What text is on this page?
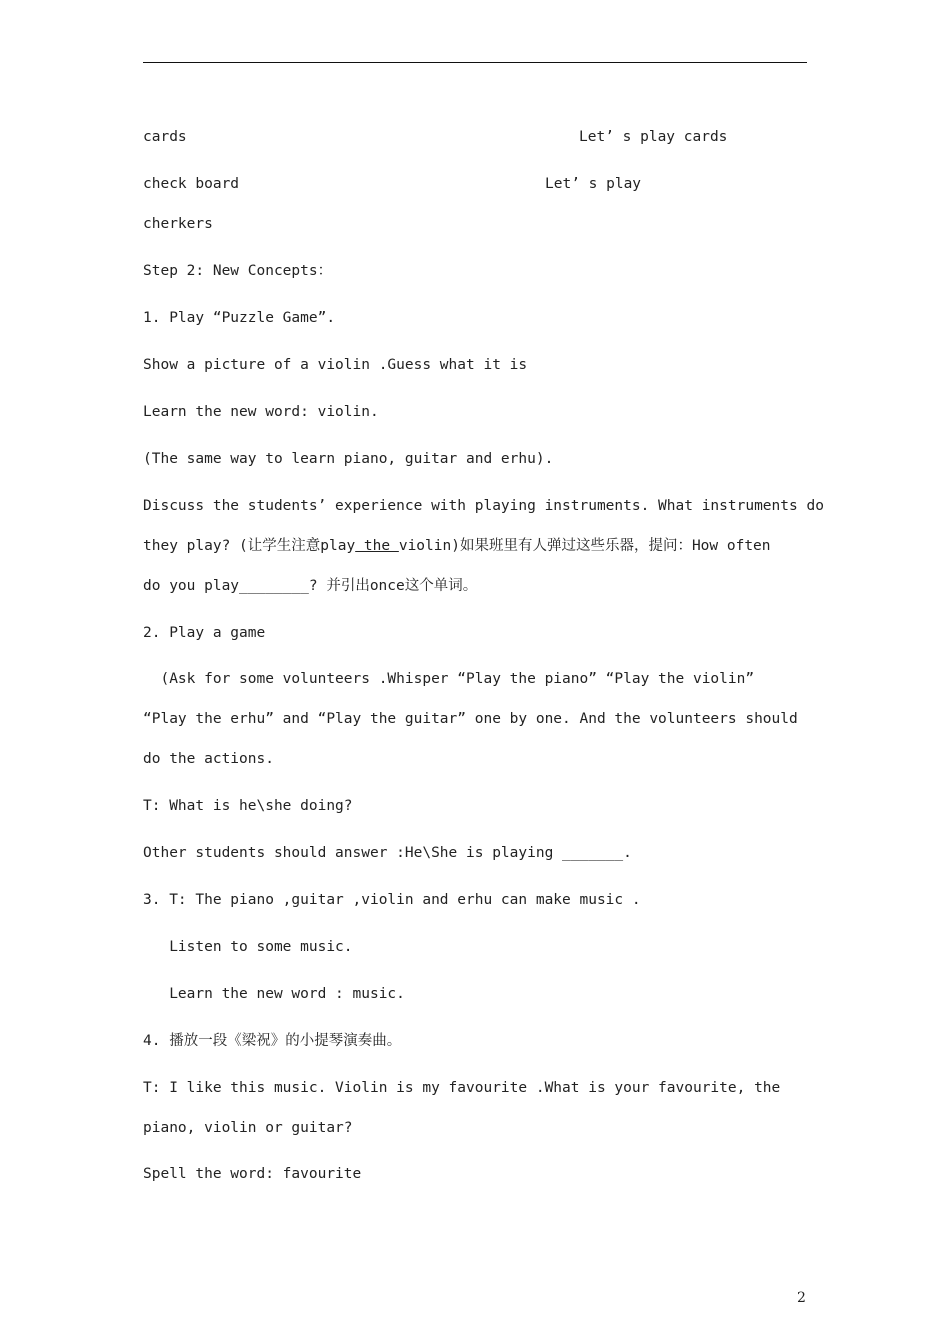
cards	Let’ s play cards
check board	Let’ s play
cherkers
Step 2: New Concepts：
1. Play “Puzzle Game”.
Show a picture of a violin .Guess what it is
Learn the new word: violin.
(The same way to learn piano, guitar and erhu).
Discuss the students’ experience with playing instruments. What instruments do
they play? (让学生注意play the violin)如果班里有人弹过这些乐器，提问：How often
do you play________? 并引出once这个单词。
2. Play a game
(Ask for some volunteers .Whisper “Play the piano” “Play the violin”
“Play the erhu” and “Play the guitar” one by one. And the volunteers should
do the actions.
T: What is he\she doing?
Other students should answer :He\She is playing _______.
3. T: The piano ,guitar ,violin and erhu can make music .
Listen to some music.
Learn the new word : music.
4. 播放一段《梁祝》的小提琴演奏曲。
T: I like this music. Violin is my favourite .What is your favourite, the
piano, violin or guitar?
Spell the word: favourite
2
